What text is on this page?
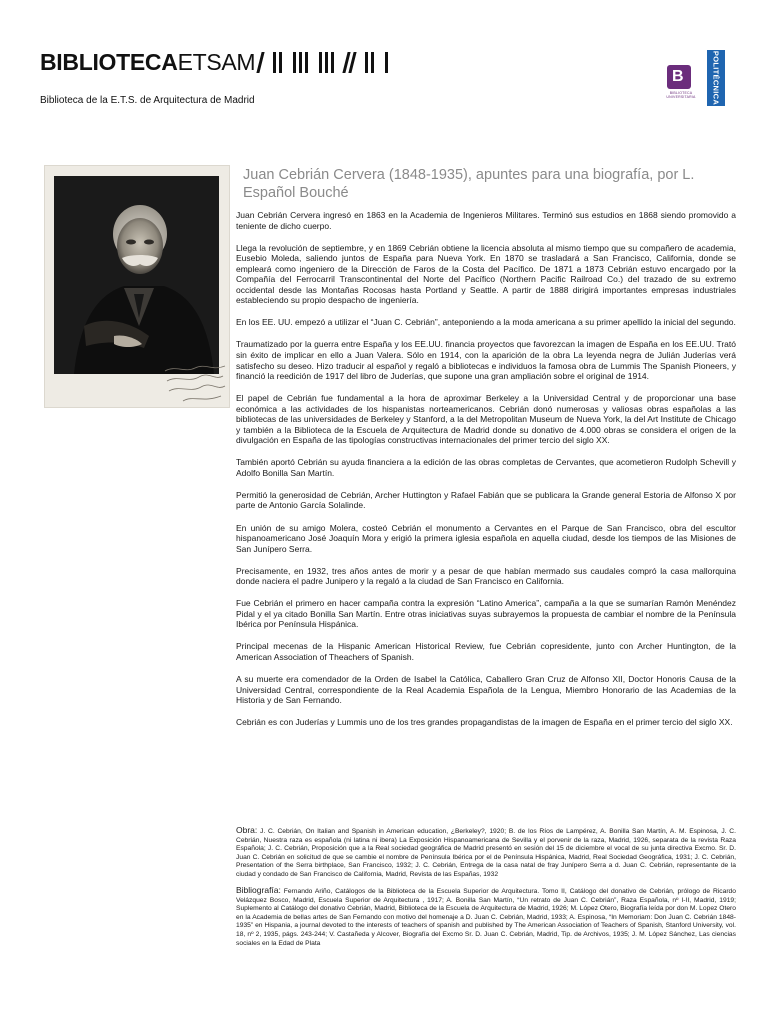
BIBLIOTECAETSAM
Biblioteca de la E.T.S. de Arquitectura de Madrid
B
BIBLIOTECA UNIVERSITARIA	POLITÉCNICA
Juan Cebrián Cervera (1848-1935), apuntes para una biografía, por L. Español Bouché

Juan Cebrián Cervera ingresó en 1863 en la Academia de Ingenieros Militares. Terminó sus estudios en 1868 siendo promovido a teniente de dicho cuerpo.

Llega la revolución de septiembre, y en 1869 Cebrián obtiene la licencia absoluta al mismo tiempo que su compañero de academia, Eusebio Moleda, saliendo juntos de España para Nueva York. En 1870 se trasladará a San Francisco, California, donde se empleará como ingeniero de la Dirección de Faros de la Costa del Pacífico. De 1871 a 1873 Cebrián estuvo encargado por la Compañía del Ferrocarril Transcontinental del Norte del Pacífico (Northern Pacific Railroad Co.) del trazado de su extremo occidental desde las Montañas Rocosas hasta Portland y Seattle. A partir de 1888 dirigirá importantes empresas industriales estableciendo su propio despacho de ingeniería.

En los EE. UU. empezó a utilizar el “Juan C. Cebrián”, anteponiendo a la moda americana a su primer apellido la inicial del segundo.

Traumatizado por la guerra entre España y los EE.UU. financia proyectos que favorezcan la imagen de España en los EE.UU. Trató sin éxito de implicar en ello a Juan Valera. Sólo en 1914, con la aparición de la obra La leyenda negra de Julián Juderías verá satisfecho su deseo. Hizo traducir al español y regaló a bibliotecas e individuos la famosa obra de Lummis The Spanish Pioneers, y financió la reedición de 1917 del libro de Juderías, que supone una gran ampliación sobre el original de 1914.

El papel de Cebrián fue fundamental a la hora de aproximar Berkeley a la Universidad Central y de proporcionar una base económica a las actividades de los hispanistas norteamericanos. Cebrián donó numerosas y valiosas obras españolas a las bibliotecas de las universidades de Berkeley y Stanford, a la del Metropolitan Museum de Nueva York, la del Art Institute de Chicago y también a la Biblioteca de la Escuela de Arquitectura de Madrid donde su donativo de 4.000 obras se considera el origen de la divulgación en España de las tipologías constructivas internacionales del primer tercio del siglo XX.

También aportó Cebrián su ayuda financiera a la edición de las obras completas de Cervantes, que acometieron Rudolph Schevill y Adolfo Bonilla San Martín.

Permitió la generosidad de Cebrián, Archer Huttington y Rafael Fabián que se publicara la Grande general Estoria de Alfonso X por parte de Antonio García Solalinde.

En unión de su amigo Molera, costeó Cebrián el monumento a Cervantes en el Parque de San Francisco, obra del escultor hispanoamericano José Joaquín Mora y erigió la primera iglesia española en aquella ciudad, desde los tiempos de las Misiones de San Junípero Serra.

Precisamente, en 1932, tres años antes de morir y a pesar de que habían mermado sus caudales compró la casa mallorquina donde naciera el padre Junipero y la regaló a la ciudad de San Francisco en California.

Fue Cebrián el primero en hacer campaña contra la expresión “Latino America”, campaña a la que se sumarían Ramón Menéndez Pidal y el ya citado Bonilla San Martín. Entre otras iniciativas suyas subrayemos la propuesta de cambiar el nombre de la Península Ibérica por Península Hispánica.

Principal mecenas de la Hispanic American Historical Review, fue Cebrián copresidente, junto con Archer Huntington, de la American Association of Theachers of Spanish.

A su muerte era comendador de la Orden de Isabel la Católica, Caballero Gran Cruz de Alfonso XII, Doctor Honoris Causa de la Universidad Central, correspondiente de la Real Academia Española de la Lengua, Miembro Honorario de las Academias de la Historia y de San Fernando.

Cebrián es con Juderías y Lummis uno de los tres grandes propagandistas de la imagen de España en el primer tercio del siglo XX.

Obra: J. C. Cebrián, On Italian and Spanish in American education, ¿Berkeley?, 1920; B. de los Ríos de Lampérez, A. Bonilla San Martín, A. M. Espinosa, J. C. Cebrián, Nuestra raza es española (ni latina ni ibera) La Exposición Hispanoamericana de Sevilla y el porvenir de la raza, Madrid, 1926, separata de la revista Raza Española; J. C. Cebrián, Proposición que a la Real sociedad geográfica de Madrid presentó en sesión del 15 de diciembre el vocal de su junta directiva Excmo. Sr. D. Juan C. Cebrián en solicitud de que se cambie el nombre de Península Ibérica por el de Península Hispánica, Madrid, Real Sociedad Geográfica, 1931; J. C. Cebrián, Presentation of the Serra birthplace, San Francisco, 1932; J. C. Cebrián, Entrega de la casa natal de fray Junípero Serra a d. Juan C. Cebrián, representante de la ciudad y condado de San Francisco de California, Madrid, Revista de las Españas, 1932

Bibliografía: Fernando Ariño, Catálogos de la Biblioteca de la Escuela Superior de Arquitectura. Tomo II, Catálogo del donativo de Cebrián, prólogo de Ricardo Velázquez Bosco, Madrid, Escuela Superior de Arquitectura , 1917; A. Bonilla San Martín, “Un retrato de Juan C. Cebrián”, Raza Española, nº I-II, Madrid, 1919; Suplemento al Catálogo del donativo Cebrián, Madrid, Biblioteca de la Escuela de Arquitectura de Madrid, 1926; M. López Otero, Biografía leída por don M. Lopez Otero en la Academia de bellas artes de San Fernando con motivo del homenaje a D. Juan C. Cebrián, Madrid, 1933; A. Espinosa, “In Memoriam: Don Juan C. Cebrián 1848-1935” en Hispania, a journal devoted to the interests of teachers of spanish and published by The American Association of Teachers of Spanish, Stanford University, vol. 18, nº 2, 1935, págs. 243-244; V. Castañeda y Alcover, Biografía del Excmo Sr. D. Juan C. Cebrián, Madrid, Tip. de Archivos, 1935; J. M. López Sánchez, Las ciencias sociales en la Edad de Plata
